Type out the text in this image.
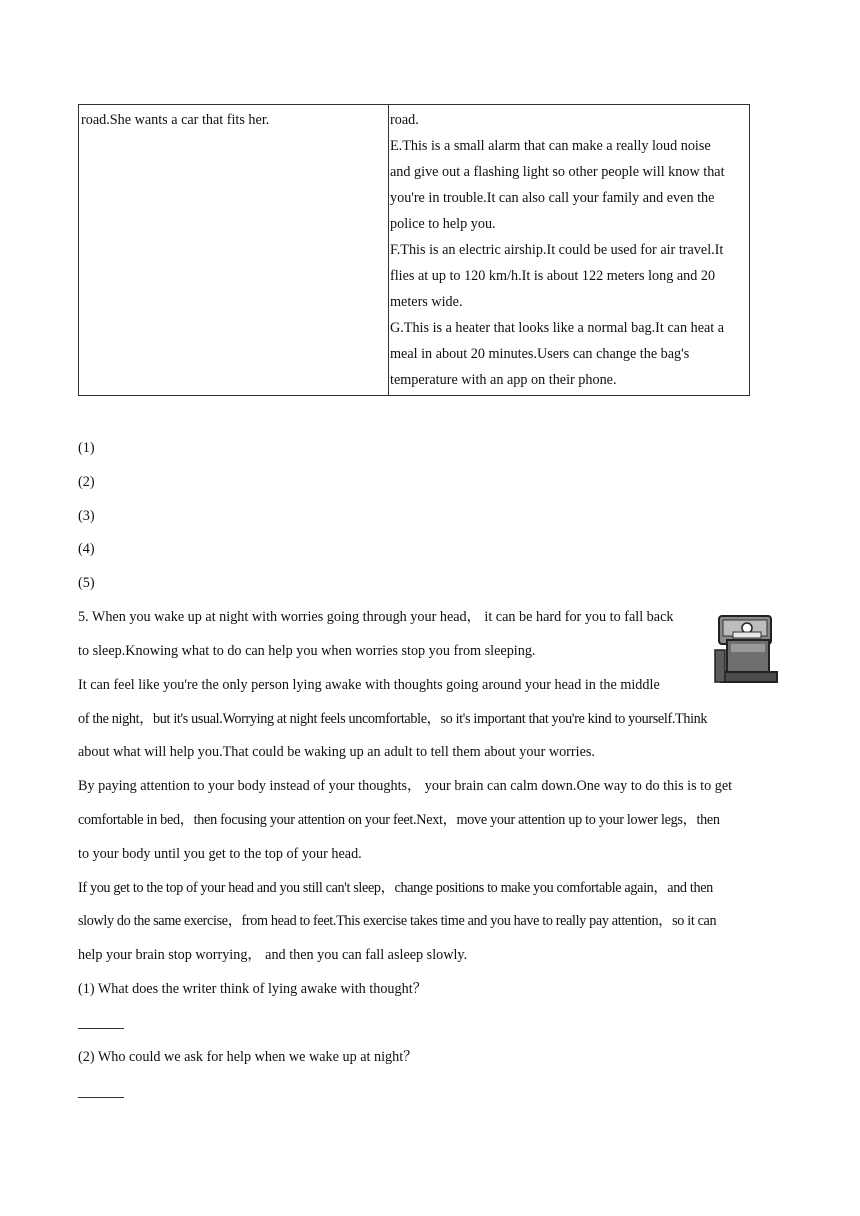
road.She wants a car that fits her.	road.
E.This is a small alarm that can make a really loud noise
and give out a flashing light so other people will know that
you're in trouble.It can also call your family and even the
police to help you.
F.This is an electric airship.It could be used for air travel.It
flies at up to 120 km/h.It is about 122 meters long and 20
meters wide.
G.This is a heater that looks like a normal bag.It can heat a
meal in about 20 minutes.Users can change the bag's
temperature with an app on their phone.
(1)
(2)
(3)
(4)
(5)
5. When you wake up at night with worries going through your head， it can be hard for you to fall back
to sleep.Knowing what to do can help you when worries stop you from sleeping.
It can feel like you're the only person lying awake with thoughts going around your head in the middle
of the night，but it's usual.Worrying at night feels uncomfortable，so it's important that you're kind to yourself.Think
about what will help you.That could be waking up an adult to tell them about your worries.
By paying attention to your body instead of your thoughts， your brain can calm down.One way to do this is to get
comfortable in bed，then focusing your attention on your feet.Next，move your attention up to your lower legs，then
to your body until you get to the top of your head.
If you get to the top of your head and you still can't sleep，change positions to make you comfortable again，and then
slowly do the same exercise，from head to feet.This exercise takes time and you have to really pay attention，so it can
help your brain stop worrying， and then you can fall asleep slowly.
(1) What does the writer think of lying awake with thought？
(2) Who could we ask for help when we wake up at night？
